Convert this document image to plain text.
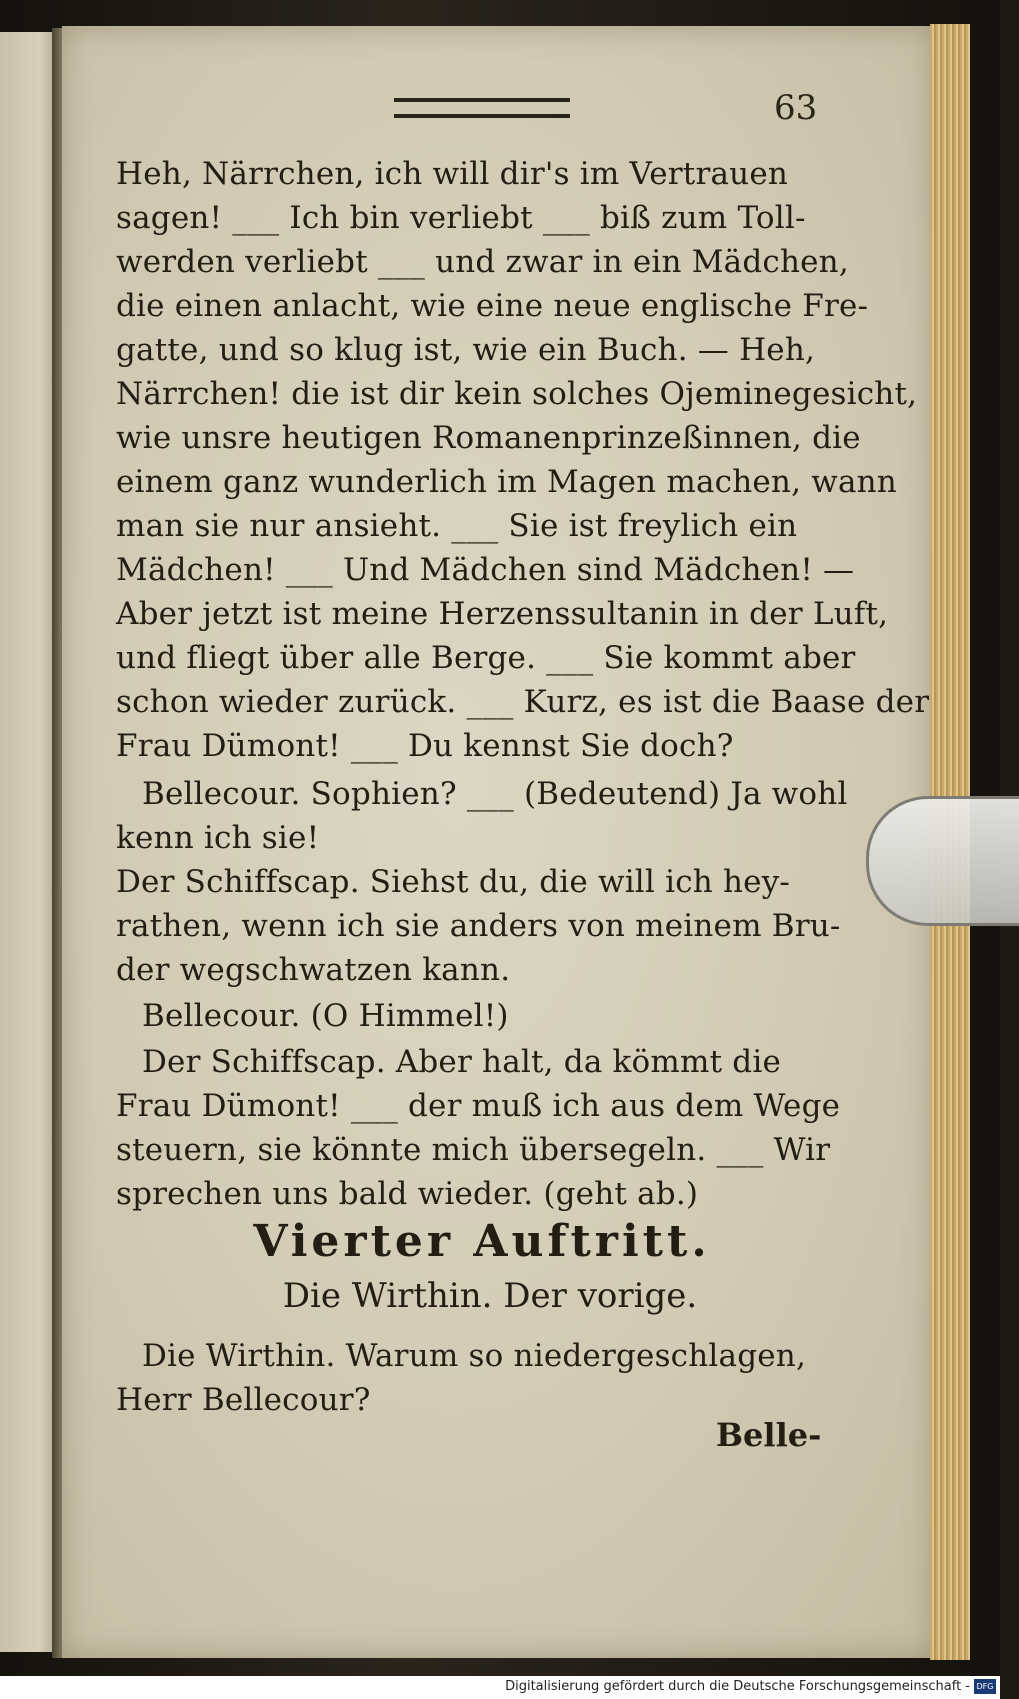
63
Heh, Närrchen, ich will dir's im Vertrauen
sagen! ___ Ich bin verliebt ___ biß zum Toll-
werden verliebt ___ und zwar in ein Mädchen,
die einen anlacht, wie eine neue englische Fre-
gatte, und so klug ist, wie ein Buch. — Heh,
Närrchen! die ist dir kein solches Ojeminegesicht,
wie unsre heutigen Romanenprinzeßinnen, die
einem ganz wunderlich im Magen machen, wann
man sie nur ansieht. ___ Sie ist freylich ein
Mädchen! ___ Und Mädchen sind Mädchen! —
Aber jetzt ist meine Herzenssultanin in der Luft,
und fliegt über alle Berge. ___ Sie kommt aber
schon wieder zurück. ___ Kurz, es ist die Baase der
Frau Dümont! ___ Du kennst Sie doch?
Bellecour. Sophien? ___ (Bedeutend) Ja wohl
kenn ich sie!
Der Schiffscap. Siehst du, die will ich hey-
rathen, wenn ich sie anders von meinem Bru-
der wegschwatzen kann.
Bellecour. (O Himmel!)
Der Schiffscap. Aber halt, da kömmt die
Frau Dümont! ___ der muß ich aus dem Wege
steuern, sie könnte mich übersegeln. ___ Wir
sprechen uns bald wieder. (geht ab.)
Vierter Auftritt.
Die Wirthin. Der vorige.
Die Wirthin. Warum so niedergeschlagen,
Herr Bellecour?
Belle-
Digitalisierung gefördert durch die Deutsche Forschungsgemeinschaft - DFG
